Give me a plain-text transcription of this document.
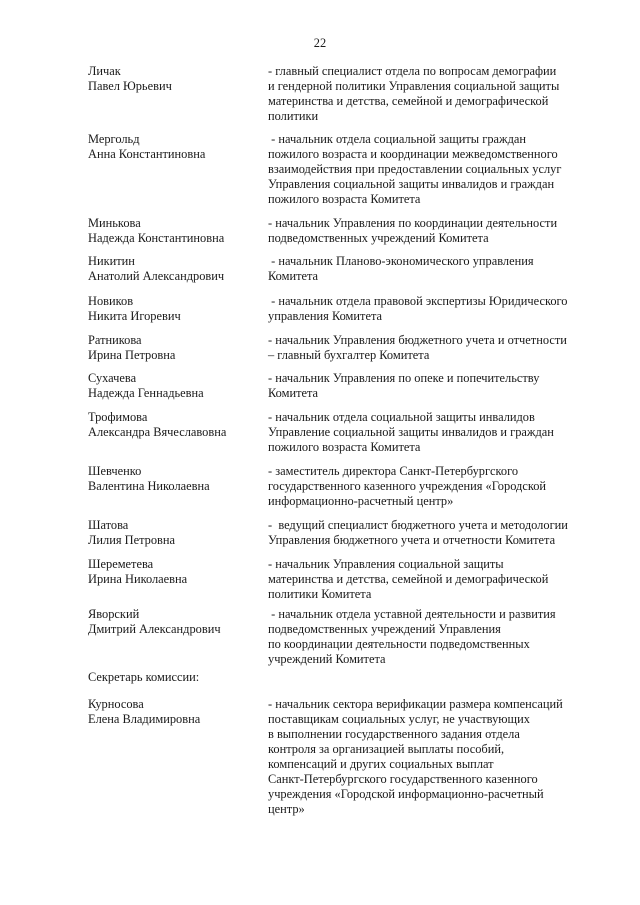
22
Личак
Павел Юрьевич
- главный специалист отдела по вопросам демографии
и гендерной политики Управления социальной защиты
материнства и детства, семейной и демографической
политики
Мергольд
Анна Константиновна
- начальник отдела социальной защиты граждан
пожилого возраста и координации межведомственного
взаимодействия при предоставлении социальных услуг
Управления социальной защиты инвалидов и граждан
пожилого возраста Комитета
Минькова
Надежда Константиновна
- начальник Управления по координации деятельности
подведомственных учреждений Комитета
Никитин
Анатолий Александрович
- начальник Планово-экономического управления
Комитета
Новиков
Никита Игоревич
- начальник отдела правовой экспертизы Юридического
управления Комитета
Ратникова
Ирина Петровна
- начальник Управления бюджетного учета и отчетности
– главный бухгалтер Комитета
Сухачева
Надежда Геннадьевна
- начальник Управления по опеке и попечительству
Комитета
Трофимова
Александра Вячеславовна
- начальник отдела социальной защиты инвалидов
Управление социальной защиты инвалидов и граждан
пожилого возраста Комитета
Шевченко
Валентина Николаевна
- заместитель директора Санкт-Петербургского
государственного казенного учреждения «Городской
информационно-расчетный центр»
Шатова
Лилия Петровна
-  ведущий специалист бюджетного учета и методологии
Управления бюджетного учета и отчетности Комитета
Шереметева
Ирина Николаевна
- начальник Управления социальной защиты
материнства и детства, семейной и демографической
политики Комитета
Яворский
Дмитрий Александрович
- начальник отдела уставной деятельности и развития
подведомственных учреждений Управления
по координации деятельности подведомственных
учреждений Комитета
Секретарь комиссии:
Курносова
Елена Владимировна
- начальник сектора верификации размера компенсаций
поставщикам социальных услуг, не участвующих
в выполнении государственного задания отдела
контроля за организацией выплаты пособий,
компенсаций и других социальных выплат
Санкт-Петербургского государственного казенного
учреждения «Городской информационно-расчетный
центр»
